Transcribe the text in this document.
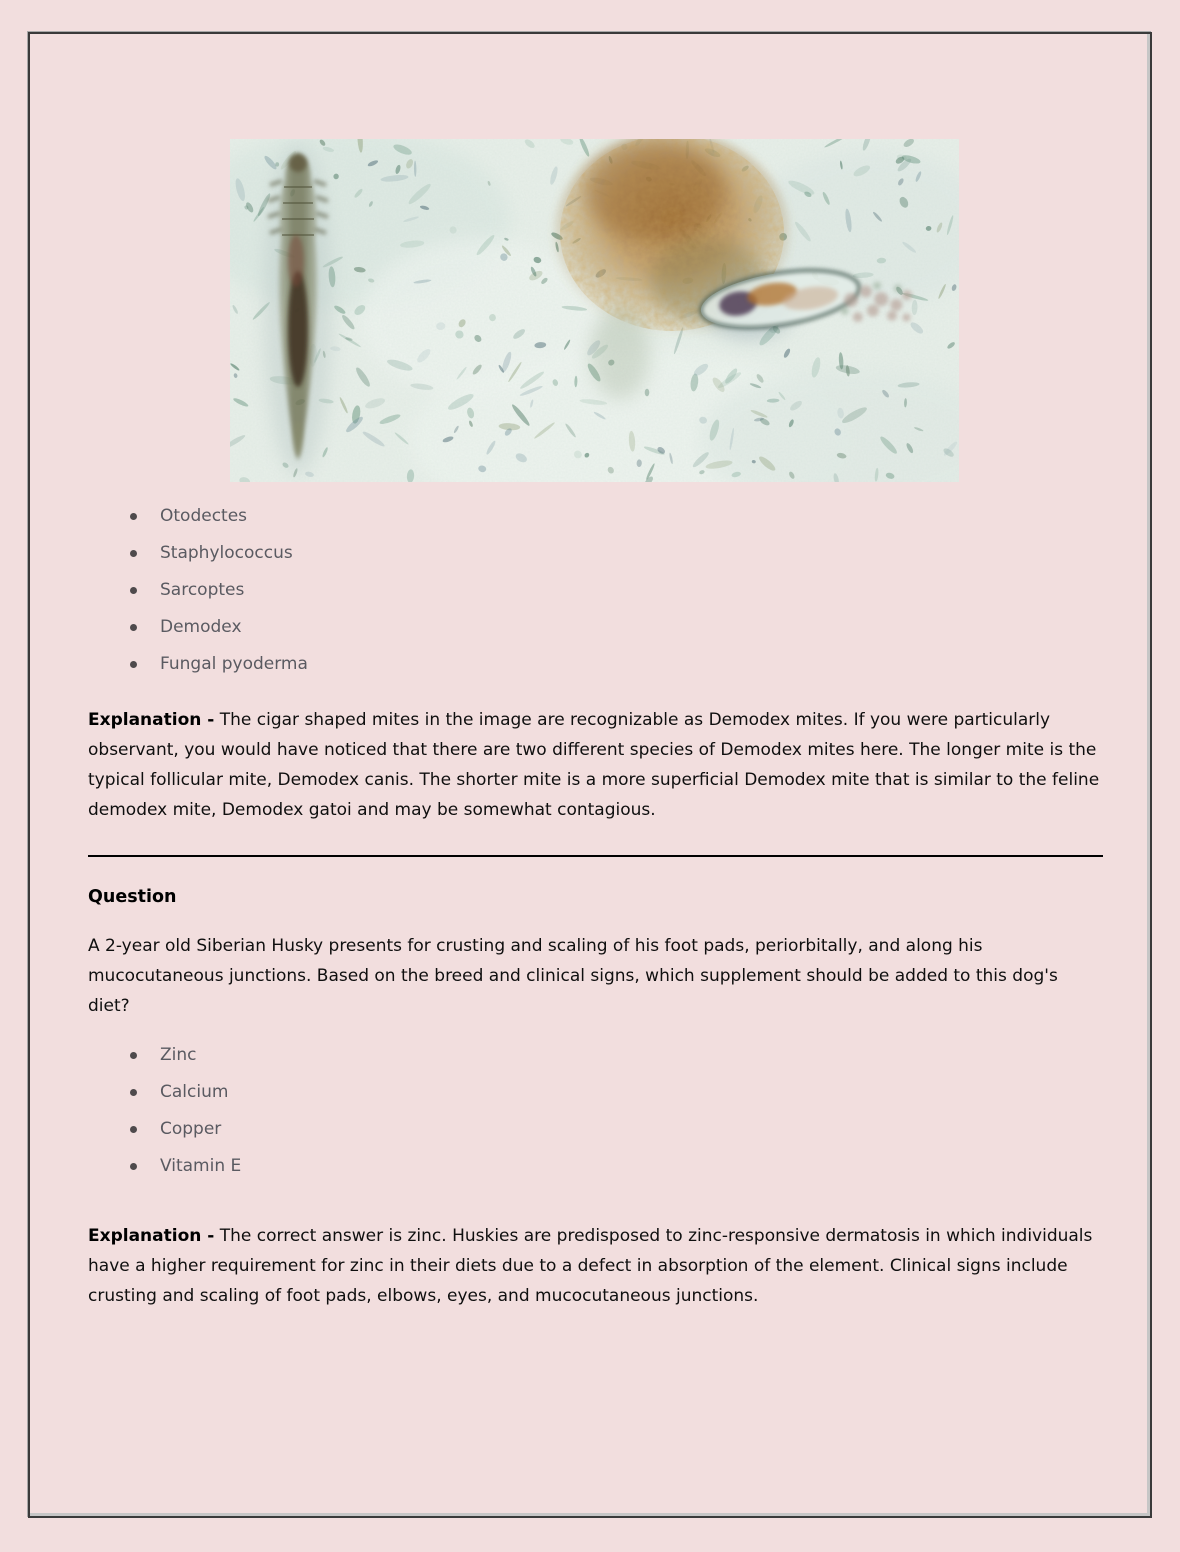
Otodectes
Staphylococcus
Sarcoptes
Demodex
Fungal pyoderma

Explanation - The cigar shaped mites in the image are recognizable as Demodex mites. If you were particularly observant, you would have noticed that there are two different species of Demodex mites here. The longer mite is the typical follicular mite, Demodex canis. The shorter mite is a more superficial Demodex mite that is similar to the feline demodex mite, Demodex gatoi and may be somewhat contagious.

Question

A 2-year old Siberian Husky presents for crusting and scaling of his foot pads, periorbitally, and along his mucocutaneous junctions. Based on the breed and clinical signs, which supplement should be added to this dog's diet?

Zinc
Calcium
Copper
Vitamin E

Explanation - The correct answer is zinc. Huskies are predisposed to zinc-responsive dermatosis in which individuals have a higher requirement for zinc in their diets due to a defect in absorption of the element. Clinical signs include crusting and scaling of foot pads, elbows, eyes, and mucocutaneous junctions.
